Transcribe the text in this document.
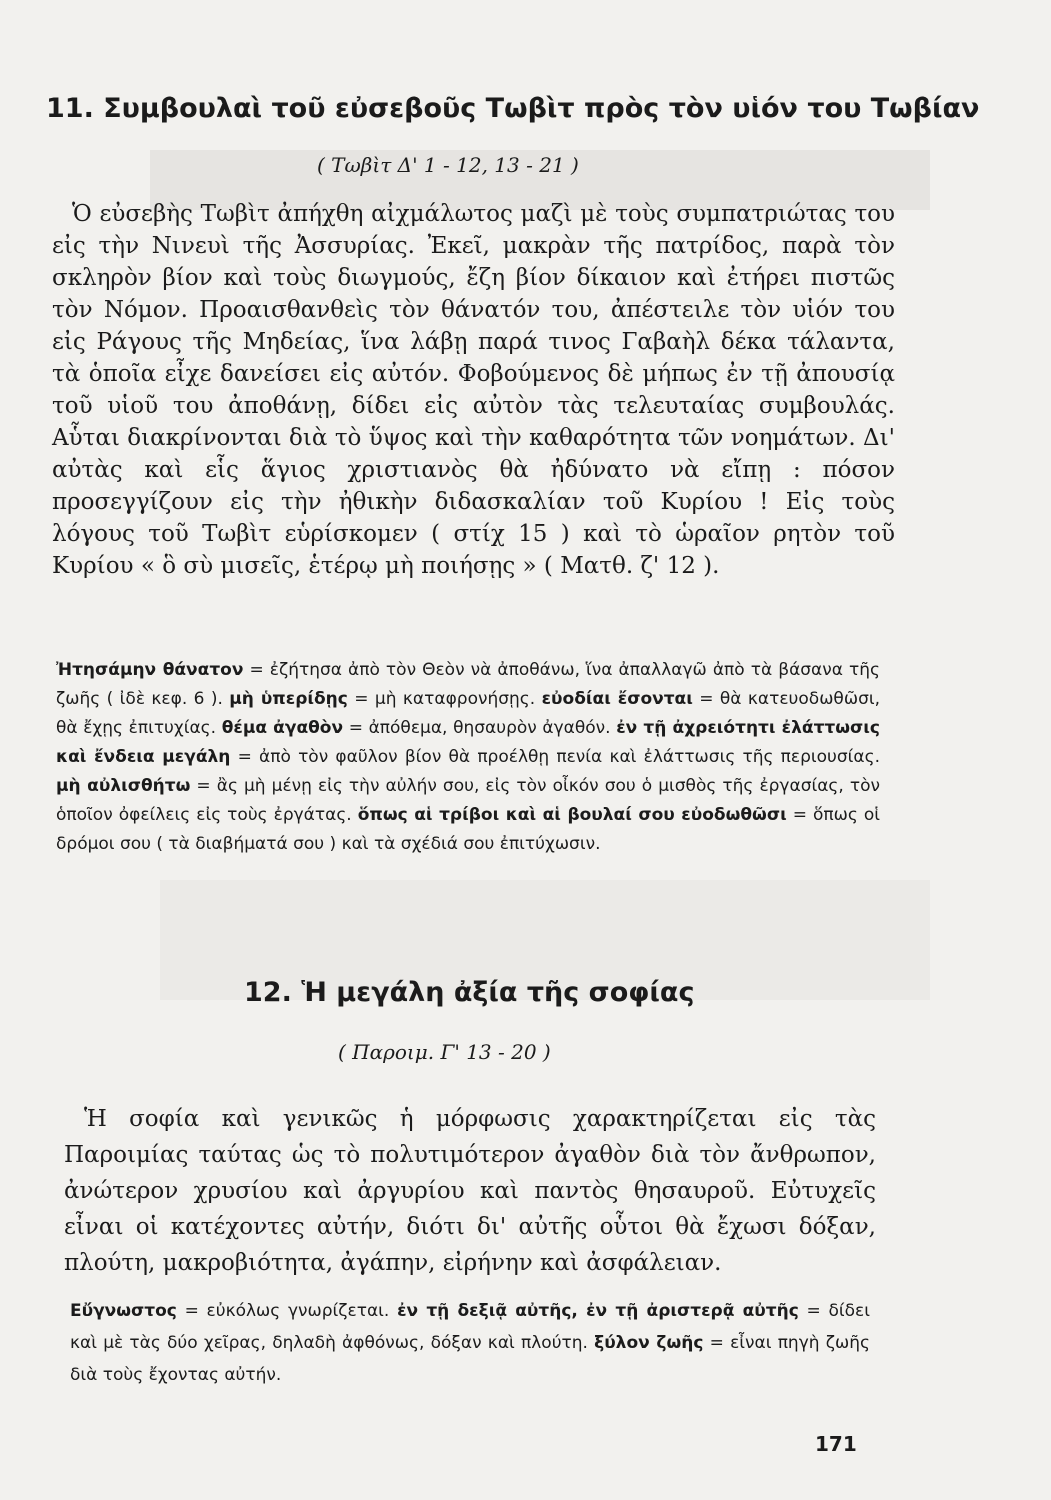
11. Συμβουλαὶ τοῦ εὐσεβοῦς Τωβὶτ πρὸς τὸν υἱόν του Τωβίαν
( Τωβὶτ Δ' 1 - 12, 13 - 21 )

Ὁ εὐσεβὴς Τωβὶτ ἀπήχθη αἰχμάλωτος μαζὶ μὲ τοὺς συμπατριώτας του εἰς τὴν Νινευὶ τῆς Ἀσσυρίας. Ἐκεῖ, μακρὰν τῆς πατρίδος, παρὰ τὸν σκληρὸν βίον καὶ τοὺς διωγμούς, ἔζη βίον δίκαιον καὶ ἐτήρει πιστῶς τὸν Νόμον. Προαισθανθεὶς τὸν θάνατόν του, ἀπέστειλε τὸν υἱόν του εἰς Ράγους τῆς Μηδείας, ἵνα λάβῃ παρά τινος Γαβαὴλ δέκα τάλαντα, τὰ ὁποῖα εἶχε δανείσει εἰς αὐτόν. Φοβούμενος δὲ μήπως ἐν τῇ ἀπουσίᾳ τοῦ υἱοῦ του ἀποθάνῃ, δίδει εἰς αὐτὸν τὰς τελευταίας συμβουλάς. Αὗται διακρίνονται διὰ τὸ ὕψος καὶ τὴν καθαρότητα τῶν νοημάτων. Δι' αὐτὰς καὶ εἷς ἅγιος χριστιανὸς θὰ ἠδύνατο νὰ εἴπῃ : πόσον προσεγγίζουν εἰς τὴν ἠθικὴν διδασκαλίαν τοῦ Κυρίου ! Εἰς τοὺς λόγους τοῦ Τωβὶτ εὑρίσκομεν ( στίχ 15 ) καὶ τὸ ὡραῖον ρητὸν τοῦ Κυρίου « ὃ σὺ μισεῖς, ἑτέρῳ μὴ ποιήσῃς » ( Ματθ. ζ' 12 ).

Ἠτησάμην θάνατον = ἐζήτησα ἀπὸ τὸν Θεὸν νὰ ἀποθάνω, ἵνα ἀπαλλαγῶ ἀπὸ τὰ βάσανα τῆς ζωῆς ( ἰδὲ κεφ. 6 ). μὴ ὑπερίδῃς = μὴ καταφρονήσῃς. εὐοδίαι ἔσονται = θὰ κατευοδωθῶσι, θὰ ἔχῃς ἐπιτυχίας. θέμα ἀγαθὸν = ἀπόθεμα, θησαυρὸν ἀγαθόν. ἐν τῇ ἀχρειότητι ἐλάττωσις καὶ ἔνδεια μεγάλη = ἀπὸ τὸν φαῦλον βίον θὰ προέλθῃ πενία καὶ ἐλάττωσις τῆς περιουσίας. μὴ αὐλισθήτω = ἂς μὴ μένῃ εἰς τὴν αὐλήν σου, εἰς τὸν οἶκόν σου ὁ μισθὸς τῆς ἐργασίας, τὸν ὁποῖον ὀφείλεις εἰς τοὺς ἐργάτας. ὅπως αἱ τρίβοι καὶ αἱ βουλαί σου εὐοδωθῶσι = ὅπως οἱ δρόμοι σου ( τὰ διαβήματά σου ) καὶ τὰ σχέδιά σου ἐπιτύχωσιν.

12. Ἡ μεγάλη ἀξία τῆς σοφίας
( Παροιμ. Γ' 13 - 20 )

Ἡ σοφία καὶ γενικῶς ἡ μόρφωσις χαρακτηρίζεται εἰς τὰς Παροιμίας ταύτας ὡς τὸ πολυτιμότερον ἀγαθὸν διὰ τὸν ἄνθρωπον, ἀνώτερον χρυσίου καὶ ἀργυρίου καὶ παντὸς θησαυροῦ. Εὐτυχεῖς εἶναι οἱ κατέχοντες αὐτήν, διότι δι' αὐτῆς οὗτοι θὰ ἔχωσι δόξαν, πλούτη, μακροβιότητα, ἀγάπην, εἰρήνην καὶ ἀσφάλειαν.

Εὔγνωστος = εὐκόλως γνωρίζεται. ἐν τῇ δεξιᾷ αὐτῆς, ἐν τῇ ἀριστερᾷ αὐτῆς = δίδει καὶ μὲ τὰς δύο χεῖρας, δηλαδὴ ἀφθόνως, δόξαν καὶ πλούτη. ξύλον ζωῆς = εἶναι πηγὴ ζωῆς διὰ τοὺς ἔχοντας αὐτήν.

171
